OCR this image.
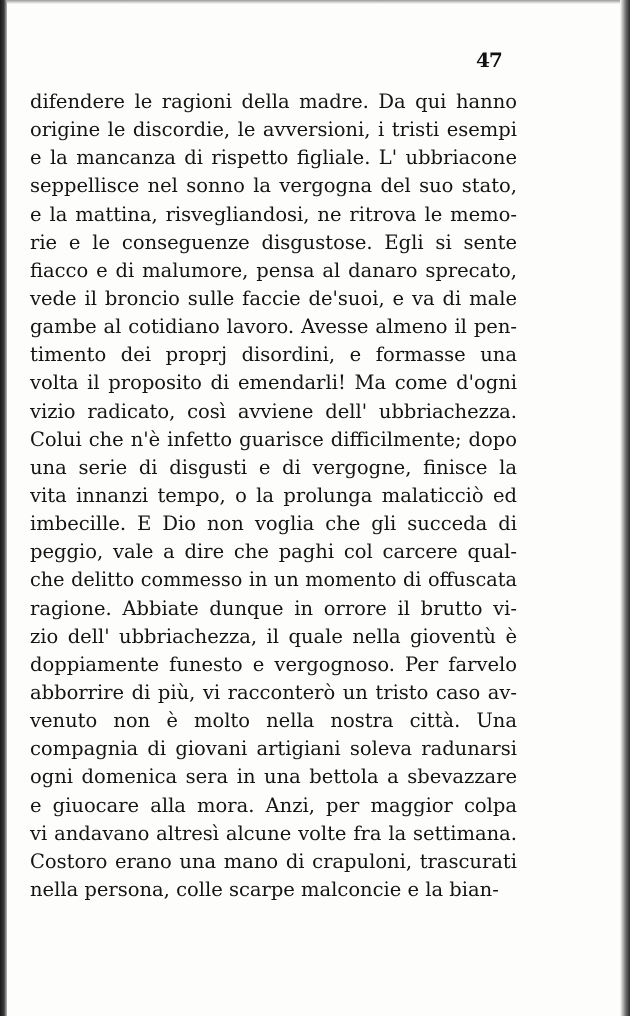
47
difendere le ragioni della madre. Da qui hanno
origine le discordie, le avversioni, i tristi esempi
e la mancanza di rispetto figliale. L' ubbriacone
seppellisce nel sonno la vergogna del suo stato,
e la mattina, risvegliandosi, ne ritrova le memo-
rie e le conseguenze disgustose. Egli si sente
fiacco e di malumore, pensa al danaro sprecato,
vede il broncio sulle faccie de'suoi, e va di male
gambe al cotidiano lavoro. Avesse almeno il pen-
timento dei proprj disordini, e formasse una
volta il proposito di emendarli! Ma come d'ogni
vizio radicato, così avviene dell' ubbriachezza.
Colui che n'è infetto guarisce difficilmente; dopo
una serie di disgusti e di vergogne, finisce la
vita innanzi tempo, o la prolunga malaticciò ed
imbecille. E Dio non voglia che gli succeda di
peggio, vale a dire che paghi col carcere qual-
che delitto commesso in un momento di offuscata
ragione. Abbiate dunque in orrore il brutto vi-
zio dell' ubbriachezza, il quale nella gioventù è
doppiamente funesto e vergognoso. Per farvelo
abborrire di più, vi racconterò un tristo caso av-
venuto non è molto nella nostra città. Una
compagnia di giovani artigiani soleva radunarsi
ogni domenica sera in una bettola a sbevazzare
e giuocare alla mora. Anzi, per maggior colpa
vi andavano altresì alcune volte fra la settimana.
Costoro erano una mano di crapuloni, trascurati
nella persona, colle scarpe malconcie e la bian-
